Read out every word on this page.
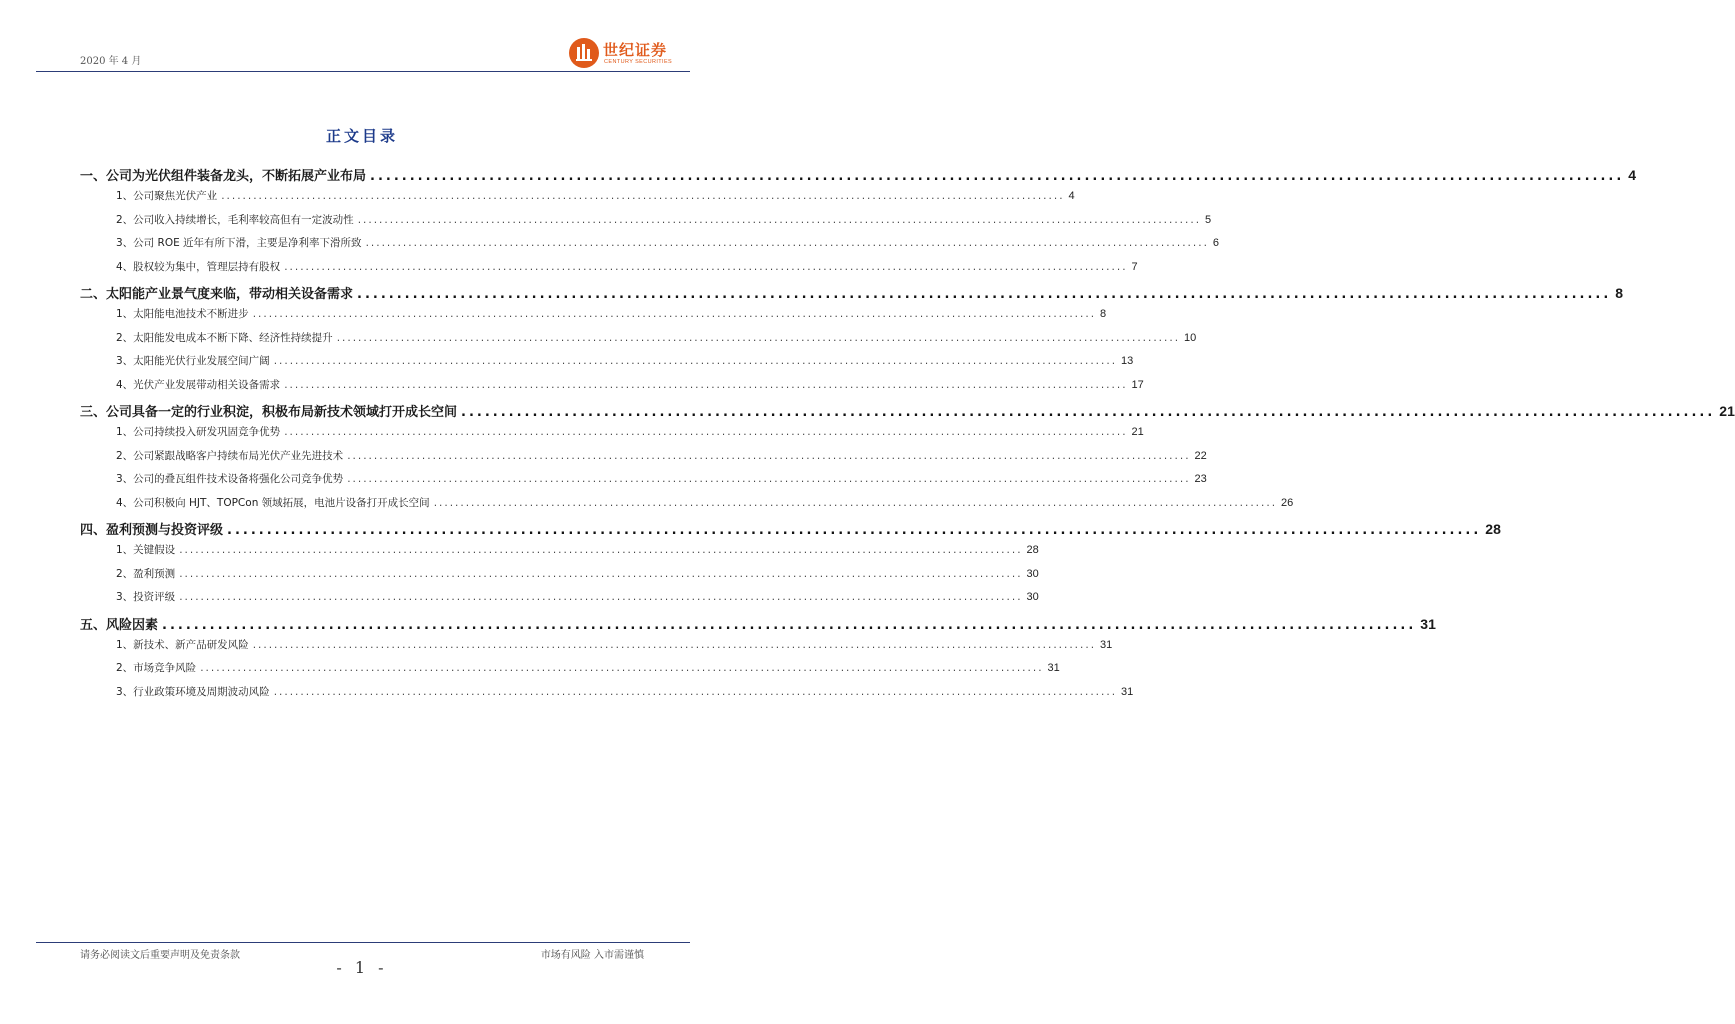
2020 年 4 月
世纪证券
CENTURY SECURITIES
正文目录
一、公司为光伏组件装备龙头，不断拓展产业布局 .............................................................................................................................................................. 4
1、公司聚焦光伏产业 .............................................................................................................................................................. 4
2、公司收入持续增长，毛利率较高但有一定波动性 .............................................................................................................................................................. 5
3、公司 ROE 近年有所下滑，主要是净利率下滑所致 .............................................................................................................................................................. 6
4、股权较为集中，管理层持有股权 .............................................................................................................................................................. 7
二、太阳能产业景气度来临，带动相关设备需求 .............................................................................................................................................................. 8
1、太阳能电池技术不断进步 .............................................................................................................................................................. 8
2、太阳能发电成本不断下降、经济性持续提升 .............................................................................................................................................................. 10
3、太阳能光伏行业发展空间广阔 .............................................................................................................................................................. 13
4、光伏产业发展带动相关设备需求 .............................................................................................................................................................. 17
三、公司具备一定的行业积淀，积极布局新技术领域打开成长空间 .............................................................................................................................................................. 21
1、公司持续投入研发巩固竞争优势 .............................................................................................................................................................. 21
2、公司紧跟战略客户持续布局光伏产业先进技术 .............................................................................................................................................................. 22
3、公司的叠瓦组件技术设备将强化公司竞争优势 .............................................................................................................................................................. 23
4、公司积极向 HJT、TOPCon 领域拓展，电池片设备打开成长空间 .............................................................................................................................................................. 26
四、盈利预测与投资评级 .............................................................................................................................................................. 28
1、关键假设 .............................................................................................................................................................. 28
2、盈利预测 .............................................................................................................................................................. 30
3、投资评级 .............................................................................................................................................................. 30
五、风险因素 .............................................................................................................................................................. 31
1、新技术、新产品研发风险 .............................................................................................................................................................. 31
2、市场竞争风险 .............................................................................................................................................................. 31
3、行业政策环境及周期波动风险 .............................................................................................................................................................. 31
请务必阅读文后重要声明及免责条款	市场有风险 入市需谨慎
- 1 -
